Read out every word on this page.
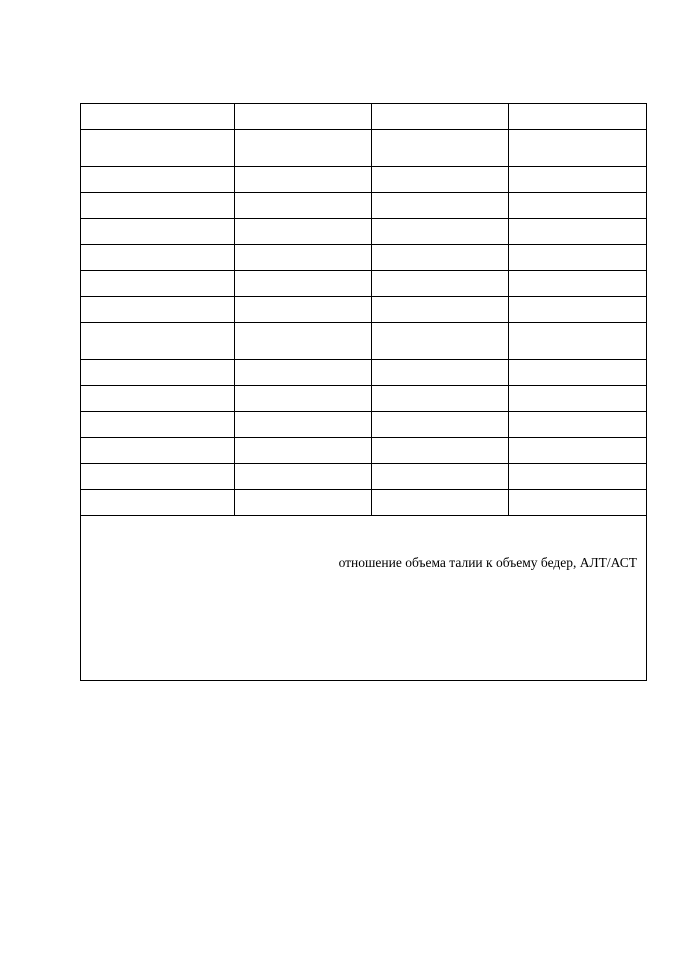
отношение объема талии к объему бедер, АЛТ/АСТ			
